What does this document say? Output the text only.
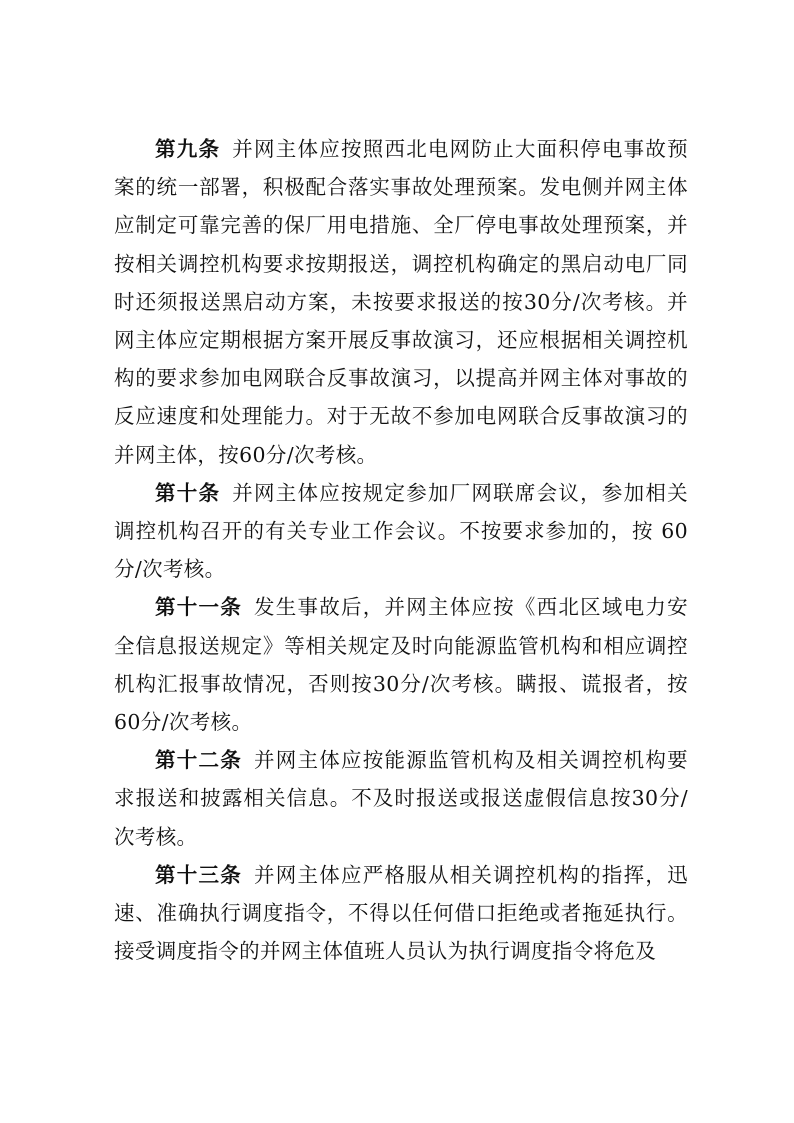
第九条 并网主体应按照西北电网防止大面积停电事故预案的统一部署，积极配合落实事故处理预案。发电侧并网主体应制定可靠完善的保厂用电措施、全厂停电事故处理预案，并按相关调控机构要求按期报送，调控机构确定的黑启动电厂同时还须报送黑启动方案，未按要求报送的按30分/次考核。并网主体应定期根据方案开展反事故演习，还应根据相关调控机构的要求参加电网联合反事故演习，以提高并网主体对事故的反应速度和处理能力。对于无故不参加电网联合反事故演习的并网主体，按60分/次考核。

第十条 并网主体应按规定参加厂网联席会议，参加相关调控机构召开的有关专业工作会议。不按要求参加的，按 60分/次考核。

第十一条 发生事故后，并网主体应按《西北区域电力安全信息报送规定》等相关规定及时向能源监管机构和相应调控机构汇报事故情况，否则按30分/次考核。瞒报、谎报者，按60分/次考核。

第十二条 并网主体应按能源监管机构及相关调控机构要求报送和披露相关信息。不及时报送或报送虚假信息按30分/次考核。

第十三条 并网主体应严格服从相关调控机构的指挥，迅速、准确执行调度指令，不得以任何借口拒绝或者拖延执行。接受调度指令的并网主体值班人员认为执行调度指令将危及
